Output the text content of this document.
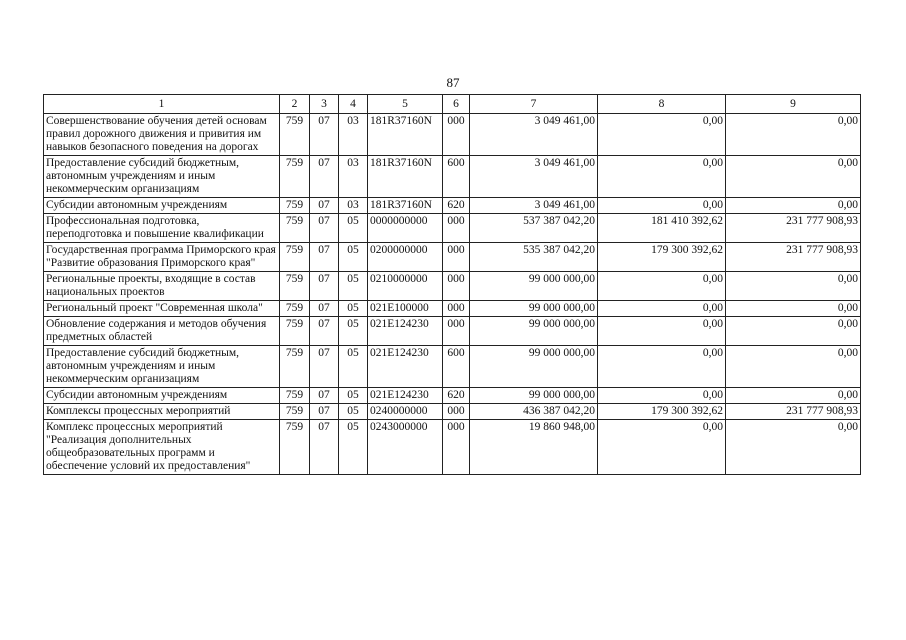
87
1	2	3	4	5	6	7	8	9
Совершенствование обучения детей основам правил дорожного движения и привития им навыков безопасного поведения на дорогах	759	07	03	181R37160N	000	3 049 461,00	0,00	0,00
Предоставление субсидий бюджетным, автономным учреждениям и иным некоммерческим организациям	759	07	03	181R37160N	600	3 049 461,00	0,00	0,00
Субсидии автономным учреждениям	759	07	03	181R37160N	620	3 049 461,00	0,00	0,00
Профессиональная подготовка, переподготовка и повышение квалификации	759	07	05	0000000000	000	537 387 042,20	181 410 392,62	231 777 908,93
Государственная программа Приморского края "Развитие образования Приморского края"	759	07	05	0200000000	000	535 387 042,20	179 300 392,62	231 777 908,93
Региональные проекты, входящие в состав национальных проектов	759	07	05	0210000000	000	99 000 000,00	0,00	0,00
Региональный проект "Современная школа"	759	07	05	021E100000	000	99 000 000,00	0,00	0,00
Обновление содержания и методов обучения предметных областей	759	07	05	021E124230	000	99 000 000,00	0,00	0,00
Предоставление субсидий бюджетным, автономным учреждениям и иным некоммерческим организациям	759	07	05	021E124230	600	99 000 000,00	0,00	0,00
Субсидии автономным учреждениям	759	07	05	021E124230	620	99 000 000,00	0,00	0,00
Комплексы процессных мероприятий	759	07	05	0240000000	000	436 387 042,20	179 300 392,62	231 777 908,93
Комплекс процессных мероприятий "Реализация дополнительных общеобразовательных программ и обеспечение условий их предоставления"	759	07	05	0243000000	000	19 860 948,00	0,00	0,00
